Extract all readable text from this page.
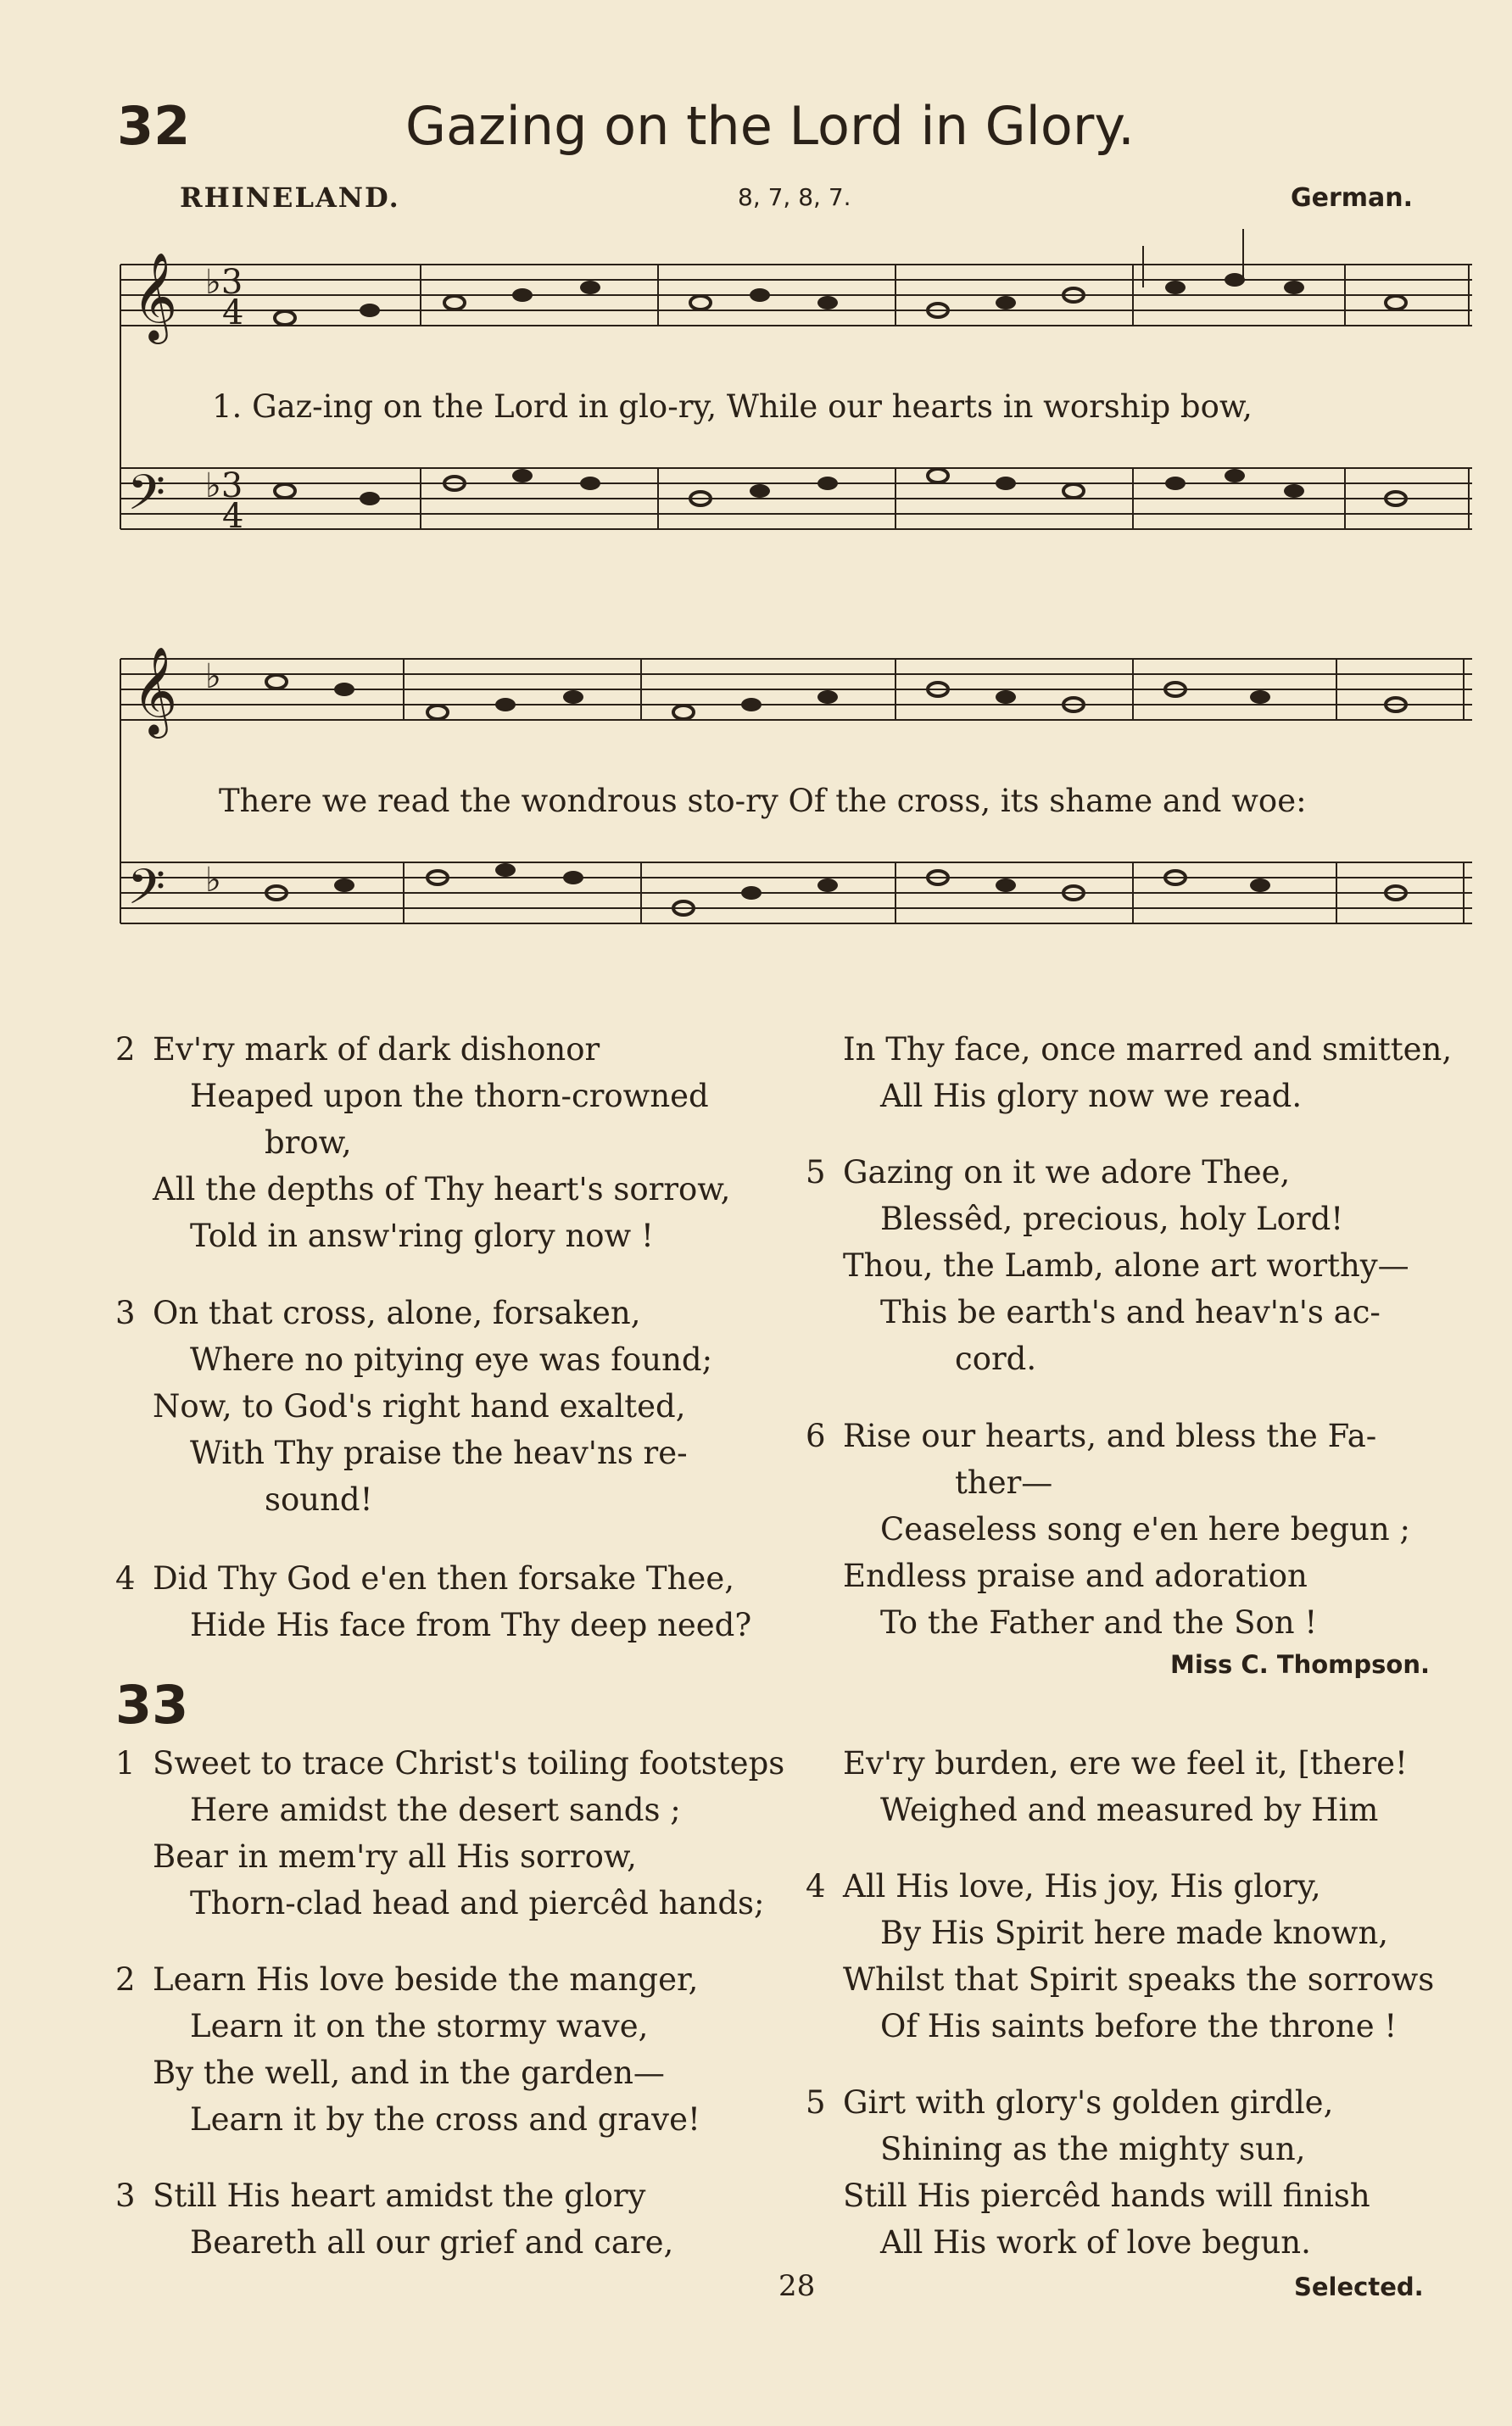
32	Gazing on the Lord in Glory.
RHINELAND.	8, 7, 8, 7.	German.
𝄞 ♭3
4
𝄢 ♭3
4
1. Gaz-ing on the Lord in glo-ry, While our hearts in worship bow,
𝄞 ♭
𝄢 ♭
There we read the wondrous sto-ry Of the cross, its shame and woe:
2 Ev'ry mark of dark dishonor
Heaped upon the thorn-crowned
brow,
All the depths of Thy heart's sorrow,
Told in answ'ring glory now !
3 On that cross, alone, forsaken,
Where no pitying eye was found;
Now, to God's right hand exalted,
With Thy praise the heav'ns re-
sound!
4 Did Thy God e'en then forsake Thee,
Hide His face from Thy deep need?
In Thy face, once marred and smitten,
All His glory now we read.
5 Gazing on it we adore Thee,
Blessêd, precious, holy Lord!
Thou, the Lamb, alone art worthy—
This be earth's and heav'n's ac-
cord.
6 Rise our hearts, and bless the Fa-
ther—
Ceaseless song e'en here begun ;
Endless praise and adoration
To the Father and the Son !
Miss C. Thompson.
33
1 Sweet to trace Christ's toiling footsteps
Here amidst the desert sands ;
Bear in mem'ry all His sorrow,
Thorn-clad head and piercêd hands;
2 Learn His love beside the manger,
Learn it on the stormy wave,
By the well, and in the garden—
Learn it by the cross and grave!
3 Still His heart amidst the glory
Beareth all our grief and care,
Ev'ry burden, ere we feel it, [there!
Weighed and measured by Him
4 All His love, His joy, His glory,
By His Spirit here made known,
Whilst that Spirit speaks the sorrows
Of His saints before the throne !
5 Girt with glory's golden girdle,
Shining as the mighty sun,
Still His piercêd hands will finish
All His work of love begun.
28	Selected.
